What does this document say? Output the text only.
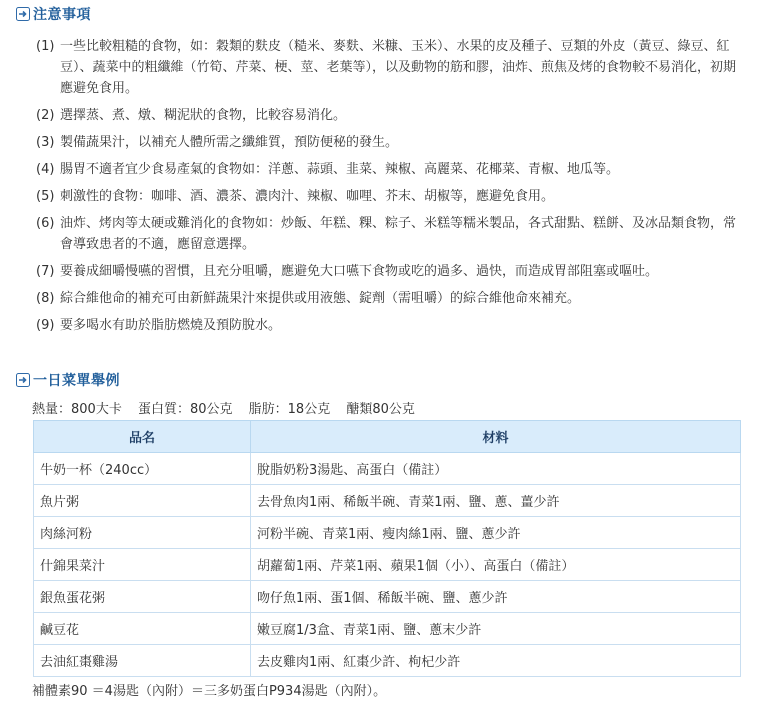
注意事項
(1) 一些比較粗糙的食物，如：穀類的麩皮（糙米、麥麩、米糠、玉米）、水果的皮及種子、豆類的外皮（黃豆、綠豆、紅豆）、蔬菜中的粗纖維（竹筍、芹菜、梗、莖、老葉等），以及動物的筋和膠，油炸、煎焦及烤的食物較不易消化，初期應避免食用。
(2) 選擇蒸、煮、燉、糊泥狀的食物，比較容易消化。
(3) 製備蔬果汁，以補充人體所需之纖維質，預防便秘的發生。
(4) 腸胃不適者宜少食易產氣的食物如：洋蔥、蒜頭、韭菜、辣椒、高麗菜、花椰菜、青椒、地瓜等。
(5) 刺激性的食物：咖啡、酒、濃茶、濃肉汁、辣椒、咖哩、芥末、胡椒等，應避免食用。
(6) 油炸、烤肉等太硬或難消化的食物如：炒飯、年糕、粿、粽子、米糕等糯米製品，各式甜點、糕餅、及冰品類食物，常會導致患者的不適，應留意選擇。
(7) 要養成細嚼慢嚥的習慣，且充分咀嚼，應避免大口嚥下食物或吃的過多、過快，而造成胃部阻塞或嘔吐。
(8) 綜合維他命的補充可由新鮮蔬果汁來提供或用液態、錠劑（需咀嚼）的綜合維他命來補充。
(9) 要多喝水有助於脂肪燃燒及預防脫水。
一日菜單舉例
熱量：800大卡 蛋白質：80公克 脂肪：18公克 醣類80公克
品名	材料
牛奶一杯（240cc）	脫脂奶粉3湯匙、高蛋白（備註）
魚片粥	去骨魚肉1兩、稀飯半碗、青菜1兩、鹽、蔥、薑少許
肉絲河粉	河粉半碗、青菜1兩、瘦肉絲1兩、鹽、蔥少許
什錦果菜汁	胡蘿蔔1兩、芹菜1兩、蘋果1個（小）、高蛋白（備註）
銀魚蛋花粥	吻仔魚1兩、蛋1個、稀飯半碗、鹽、蔥少許
鹹豆花	嫩豆腐1/3盒、青菜1兩、鹽、蔥末少許
去油紅棗雞湯	去皮雞肉1兩、紅棗少許、枸杞少許
補體素90 ＝4湯匙（內附）＝三多奶蛋白P934湯匙（內附）。
